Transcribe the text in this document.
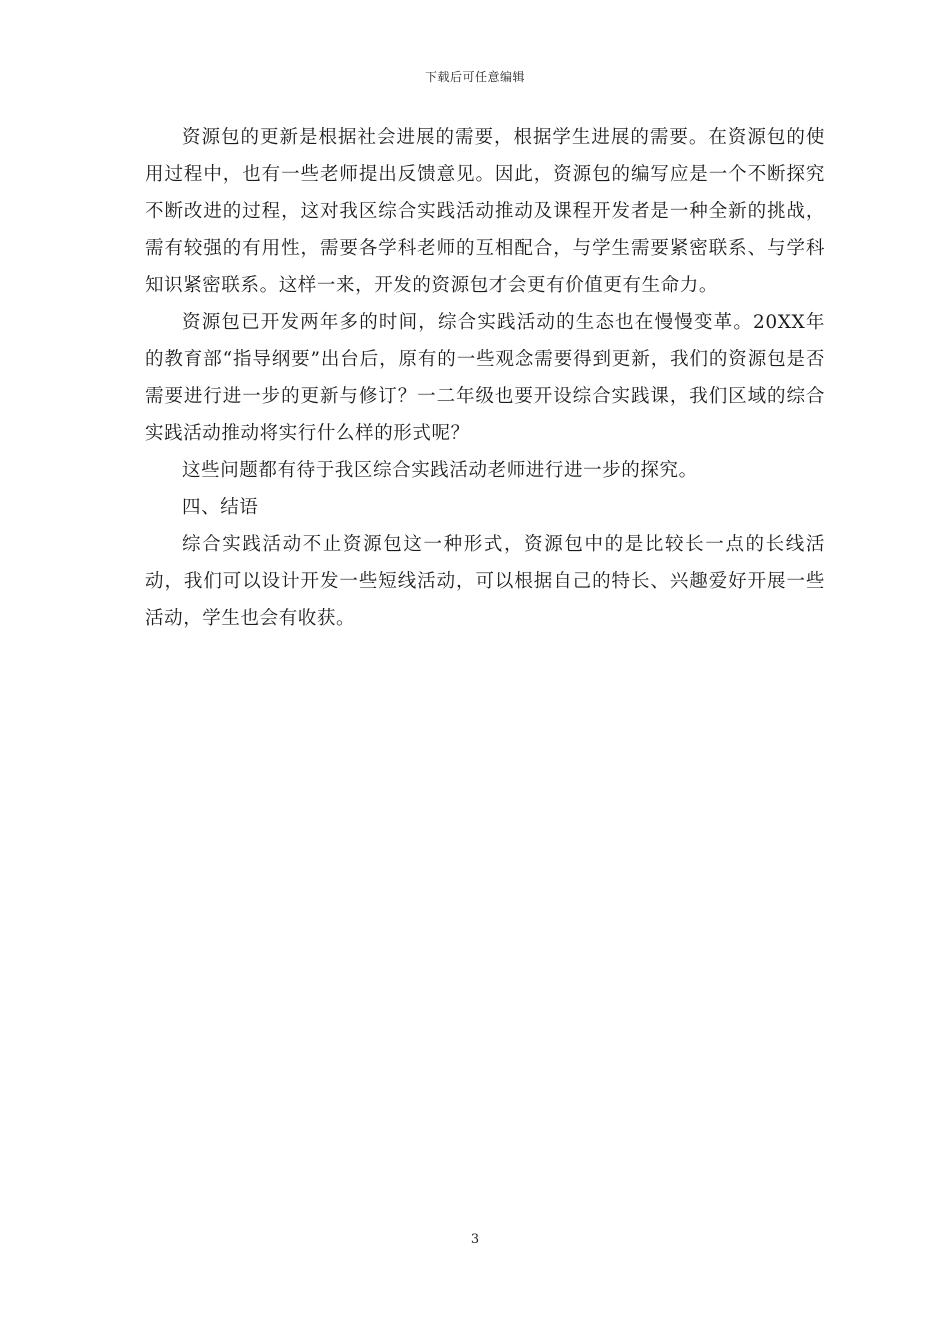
下载后可任意编辑

资源包的更新是根据社会进展的需要，根据学生进展的需要。在资源包的使用过程中，也有一些老师提出反馈意见。因此，资源包的编写应是一个不断探究不断改进的过程，这对我区综合实践活动推动及课程开发者是一种全新的挑战，需有较强的有用性，需要各学科老师的互相配合，与学生需要紧密联系、与学科知识紧密联系。这样一来，开发的资源包才会更有价值更有生命力。

资源包已开发两年多的时间，综合实践活动的生态也在慢慢变革。20XX年的教育部“指导纲要”出台后，原有的一些观念需要得到更新，我们的资源包是否需要进行进一步的更新与修订？一二年级也要开设综合实践课，我们区域的综合实践活动推动将实行什么样的形式呢？

这些问题都有待于我区综合实践活动老师进行进一步的探究。

四、结语

综合实践活动不止资源包这一种形式，资源包中的是比较长一点的长线活动，我们可以设计开发一些短线活动，可以根据自己的特长、兴趣爱好开展一些活动，学生也会有收获。

3
